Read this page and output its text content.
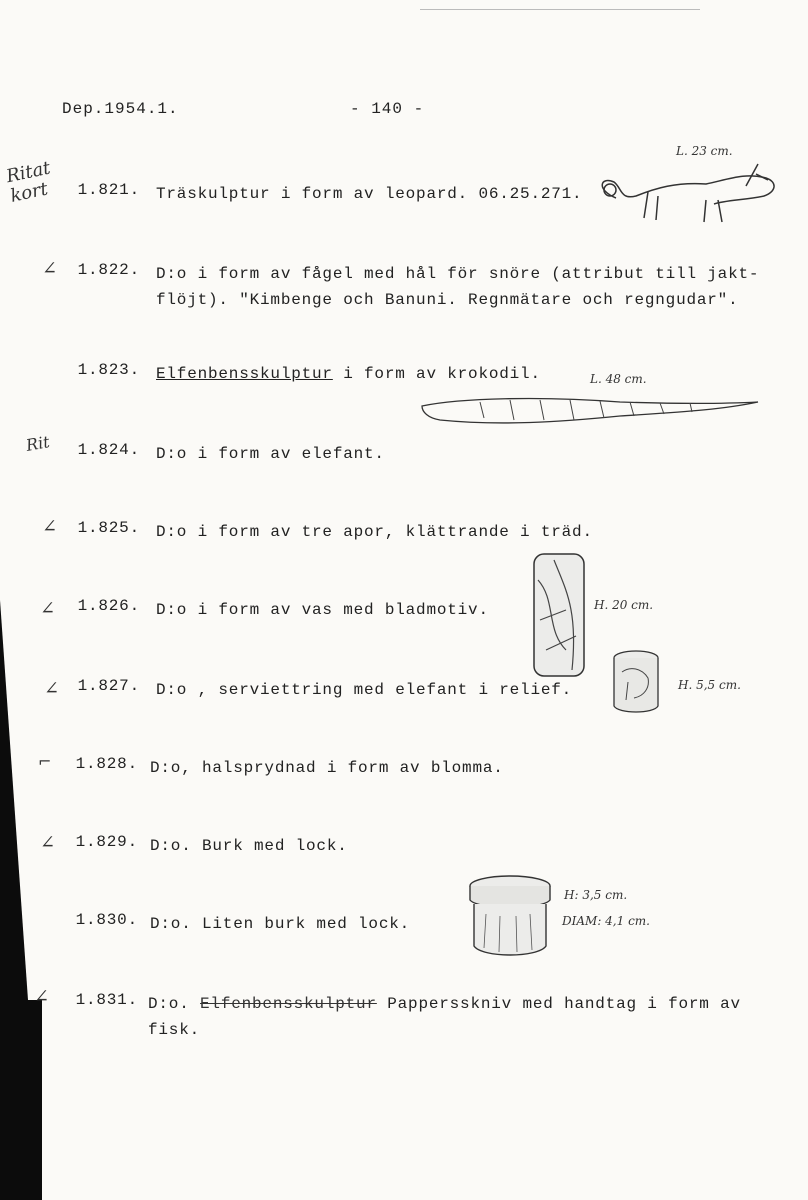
Dep.1954.1.	- 140 -
Ritat kort	1.821. Träskulptur i form av leopard. 06.25.271.
L. 23 cm.
∠	1.822. D:o i form av fågel med hål för snöre (attribut till jakt-flöjt). "Kimbenge och Banuni. Regnmätare och regngudar".
1.823. Elfenbensskulptur i form av krokodil.	L. 48 cm.
Rit	1.824. D:o i form av elefant.
∠	1.825. D:o i form av tre apor, klättrande i träd.
∠	1.826. D:o i form av vas med bladmotiv.	H. 20 cm.
∠	1.827. D:o , serviettring med elefant i relief.	H. 5,5 cm.
⌐	1.828. D:o, halsprydnad i form av blomma.
∠	1.829. D:o. Burk med lock.
1.830. D:o. Liten burk med lock.
H: 3,5 cm.
DIAM: 4,1 cm.
∠	1.831. D:o. Elfenbensskulptur Pappersskniv med handtag i form av fisk.
